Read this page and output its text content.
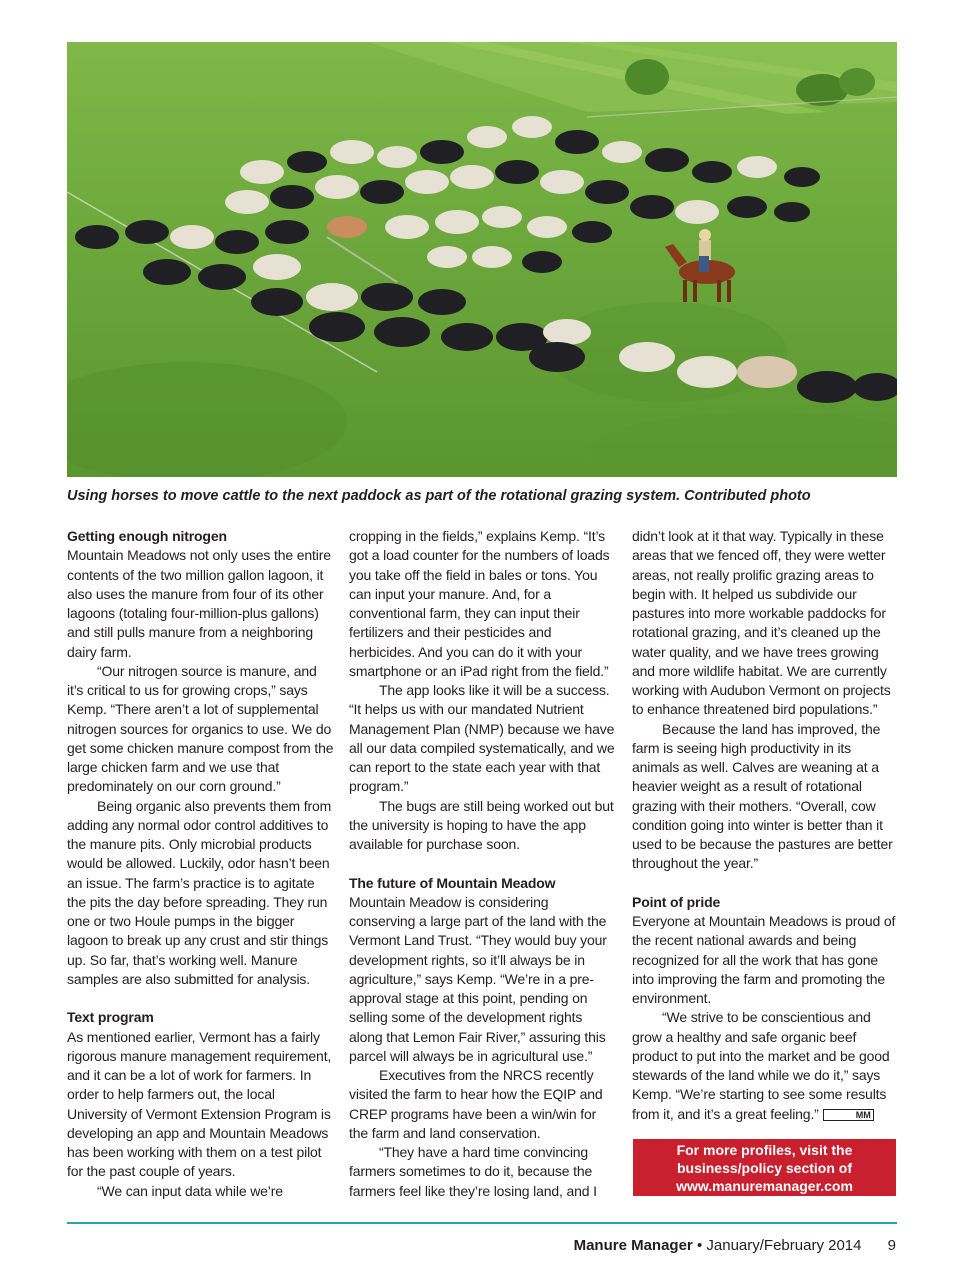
Using horses to move cattle to the next paddock as part of the rotational grazing system. Contributed photo

Getting enough nitrogen

Mountain Meadows not only uses the entire contents of the two million gallon lagoon, it also uses the manure from four of its other lagoons (totaling four-million-plus gallons) and still pulls manure from a neighboring dairy farm.

“Our nitrogen source is manure, and it’s critical to us for growing crops,” says Kemp. “There aren’t a lot of supplemental nitrogen sources for organics to use. We do get some chicken manure compost from the large chicken farm and we use that predominately on our corn ground.”

Being organic also prevents them from adding any normal odor control additives to the manure pits. Only microbial products would be allowed. Luckily, odor hasn’t been an issue. The farm’s practice is to agitate the pits the day before spreading. They run one or two Houle pumps in the bigger lagoon to break up any crust and stir things up. So far, that’s working well. Manure samples are also submitted for analysis.

Text program

As mentioned earlier, Vermont has a fairly rigorous manure management requirement, and it can be a lot of work for farmers. In order to help farmers out, the local University of Vermont Extension Program is developing an app and Mountain Meadows has been working with them on a test pilot for the past couple of years.

“We can input data while we’re

cropping in the fields,” explains Kemp. “It’s got a load counter for the numbers of loads you take off the field in bales or tons. You can input your manure. And, for a conventional farm, they can input their fertilizers and their pesticides and herbicides. And you can do it with your smartphone or an iPad right from the field.”

The app looks like it will be a success. “It helps us with our mandated Nutrient Management Plan (NMP) because we have all our data compiled systematically, and we can report to the state each year with that program.”

The bugs are still being worked out but the university is hoping to have the app available for purchase soon.

The future of Mountain Meadow

Mountain Meadow is considering conserving a large part of the land with the Vermont Land Trust. “They would buy your development rights, so it’ll always be in agriculture,” says Kemp. “We’re in a pre-approval stage at this point, pending on selling some of the development rights along that Lemon Fair River,” assuring this parcel will always be in agricultural use.”

Executives from the NRCS recently visited the farm to hear how the EQIP and CREP programs have been a win/win for the farm and land conservation.

“They have a hard time convincing farmers sometimes to do it, because the farmers feel like they’re losing land, and I

didn’t look at it that way. Typically in these areas that we fenced off, they were wetter areas, not really prolific grazing areas to begin with. It helped us subdivide our pastures into more workable paddocks for rotational grazing, and it’s cleaned up the water quality, and we have trees growing and more wildlife habitat. We are currently working with Audubon Vermont on projects to enhance threatened bird populations.”

Because the land has improved, the farm is seeing high productivity in its animals as well. Calves are weaning at a heavier weight as a result of rotational grazing with their mothers. “Overall, cow condition going into winter is better than it used to be because the pastures are better throughout the year.”

Point of pride

Everyone at Mountain Meadows is proud of the recent national awards and being recognized for all the work that has gone into improving the farm and promoting the environment.

“We strive to be conscientious and grow a healthy and safe organic beef product to put into the market and be good stewards of the land while we do it,” says Kemp. “We’re starting to see some results from it, and it’s a great feeling.”	MM

For more profiles, visit the
business/policy section of
www.manuremanager.com
Manure Manager • January/February 2014 9
